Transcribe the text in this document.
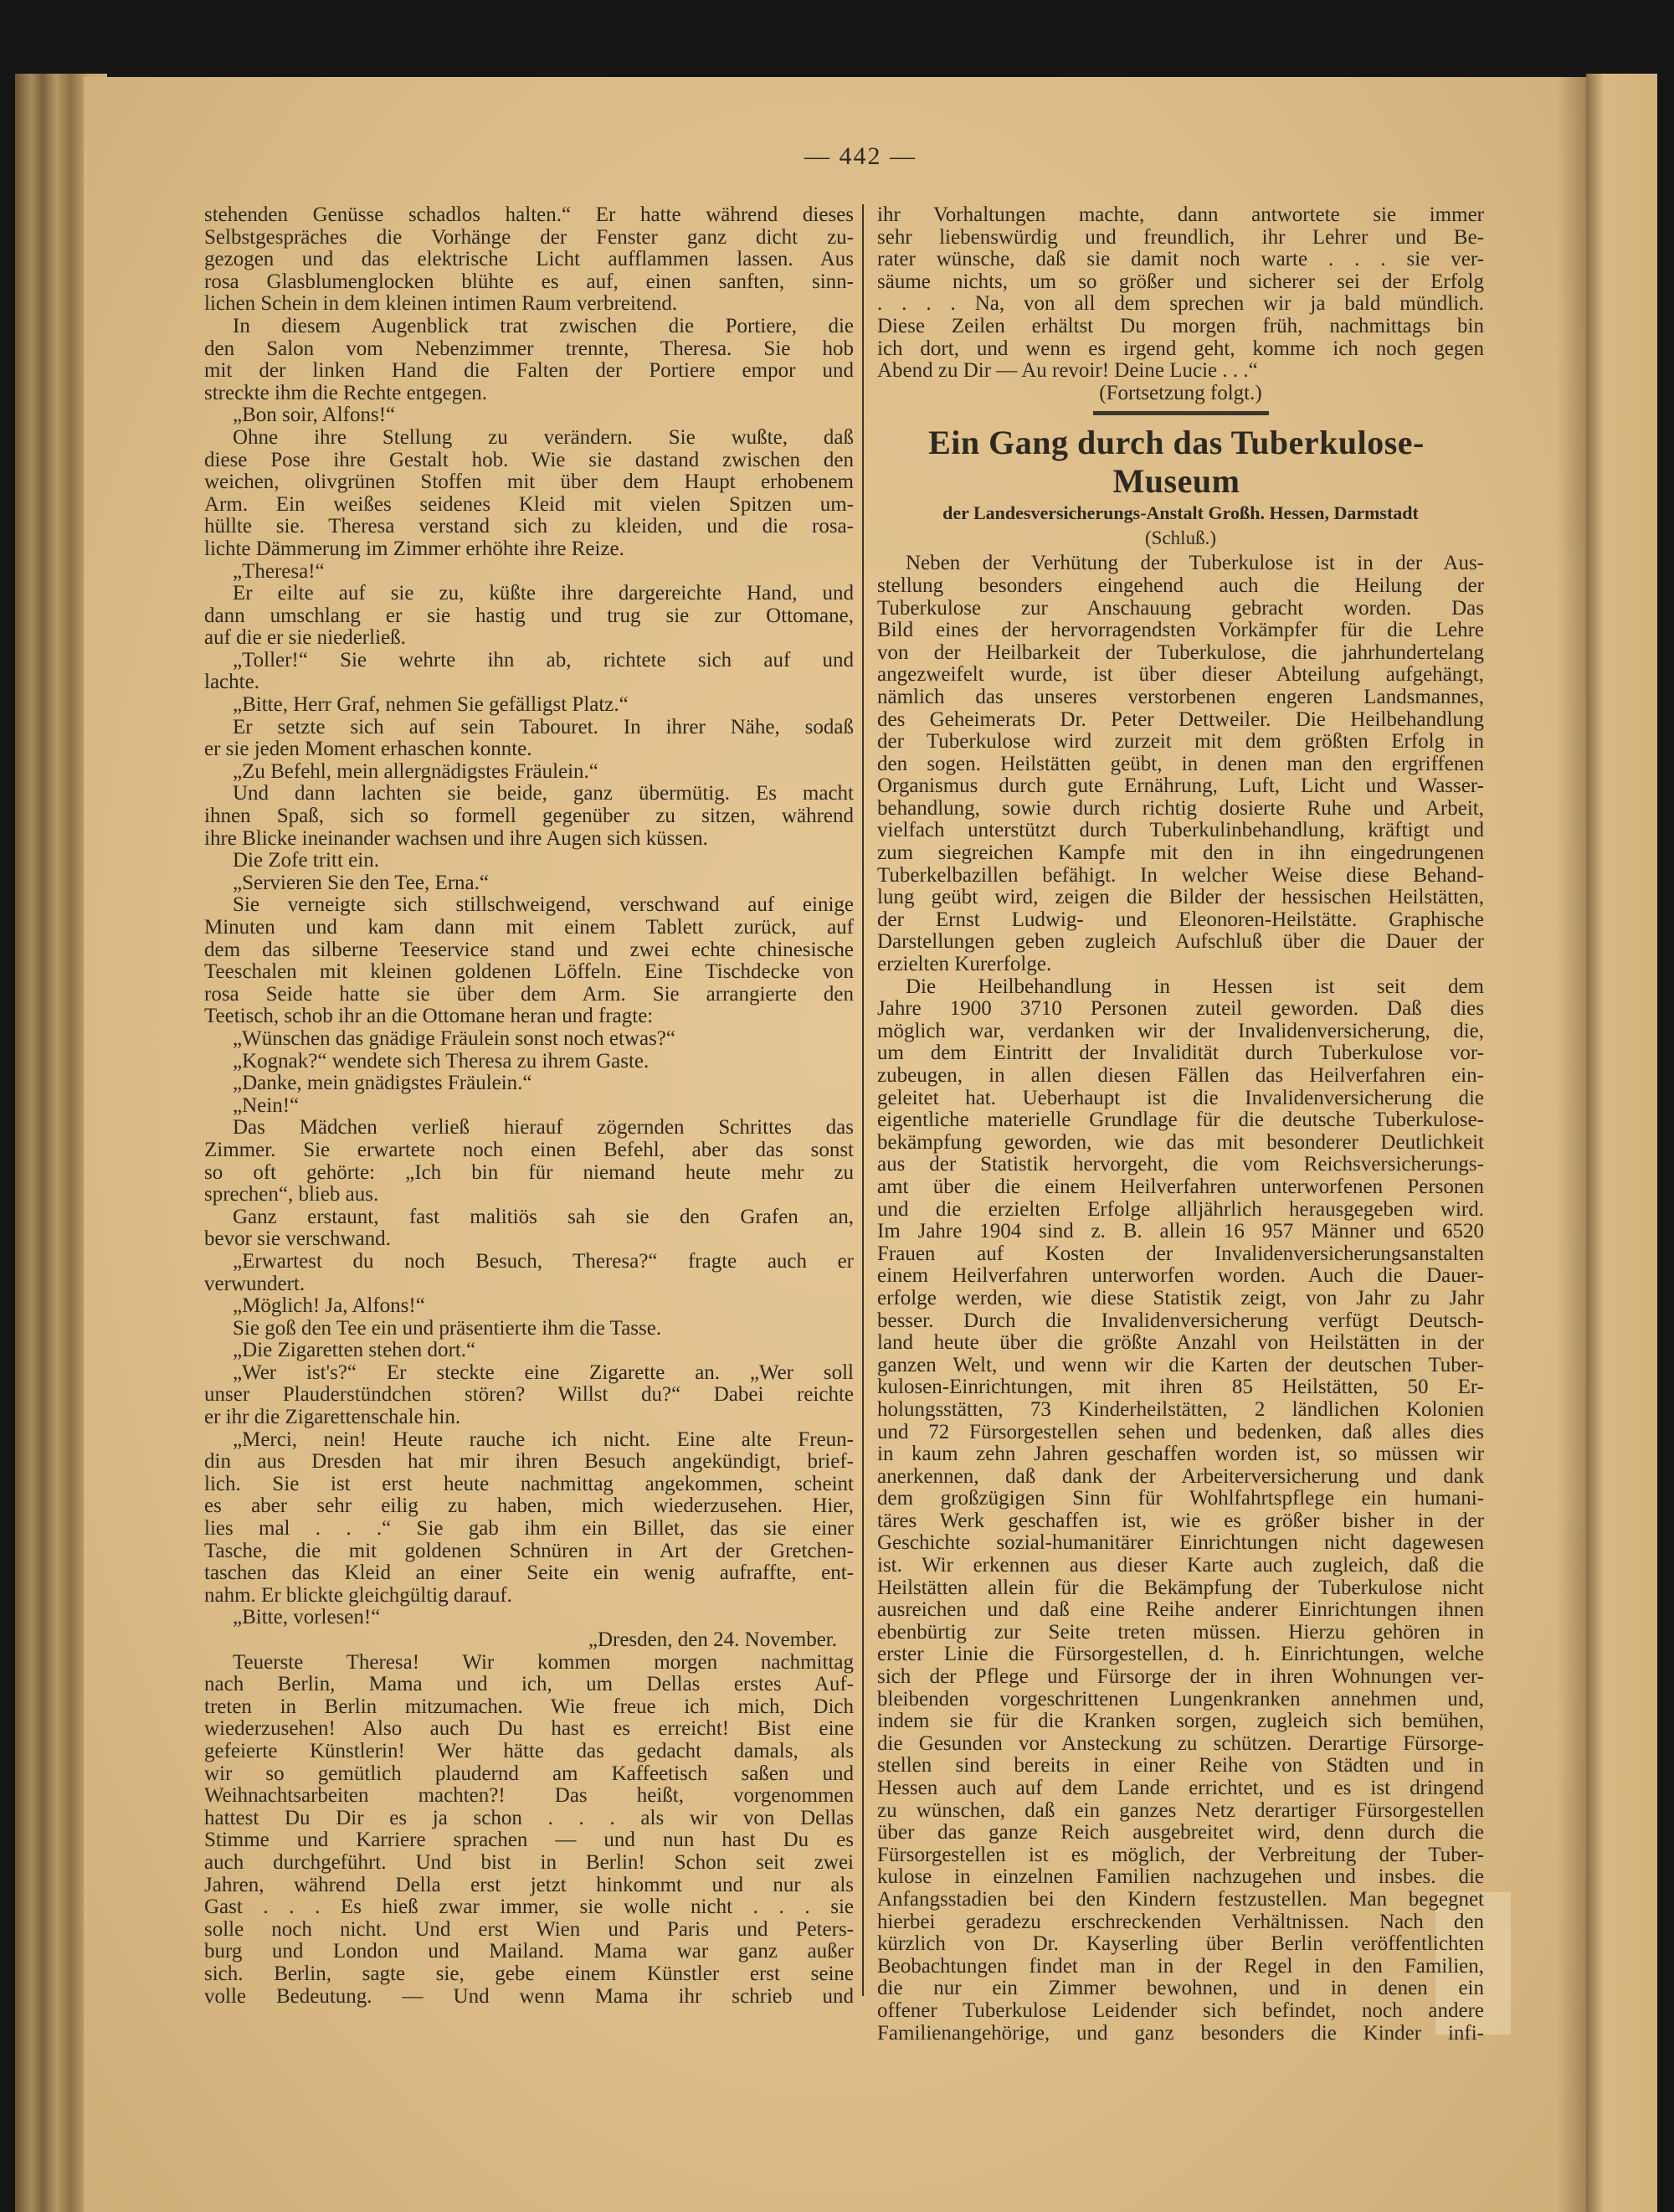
— 442 —
stehenden Genüsse schadlos halten.“ Er hatte während dieses
Selbstgespräches die Vorhänge der Fenster ganz dicht zu-
gezogen und das elektrische Licht aufflammen lassen. Aus
rosa Glasblumenglocken blühte es auf, einen sanften, sinn-
lichen Schein in dem kleinen intimen Raum verbreitend.
In diesem Augenblick trat zwischen die Portiere, die
den Salon vom Nebenzimmer trennte, Theresa. Sie hob
mit der linken Hand die Falten der Portiere empor und
streckte ihm die Rechte entgegen.
„Bon soir, Alfons!“
Ohne ihre Stellung zu verändern. Sie wußte, daß
diese Pose ihre Gestalt hob. Wie sie dastand zwischen den
weichen, olivgrünen Stoffen mit über dem Haupt erhobenem
Arm. Ein weißes seidenes Kleid mit vielen Spitzen um-
hüllte sie. Theresa verstand sich zu kleiden, und die rosa-
lichte Dämmerung im Zimmer erhöhte ihre Reize.
„Theresa!“
Er eilte auf sie zu, küßte ihre dargereichte Hand, und
dann umschlang er sie hastig und trug sie zur Ottomane,
auf die er sie niederließ.
„Toller!“ Sie wehrte ihn ab, richtete sich auf und
lachte.
„Bitte, Herr Graf, nehmen Sie gefälligst Platz.“
Er setzte sich auf sein Tabouret. In ihrer Nähe, sodaß
er sie jeden Moment erhaschen konnte.
„Zu Befehl, mein allergnädigstes Fräulein.“
Und dann lachten sie beide, ganz übermütig. Es macht
ihnen Spaß, sich so formell gegenüber zu sitzen, während
ihre Blicke ineinander wachsen und ihre Augen sich küssen.
Die Zofe tritt ein.
„Servieren Sie den Tee, Erna.“
Sie verneigte sich stillschweigend, verschwand auf einige
Minuten und kam dann mit einem Tablett zurück, auf
dem das silberne Teeservice stand und zwei echte chinesische
Teeschalen mit kleinen goldenen Löffeln. Eine Tischdecke von
rosa Seide hatte sie über dem Arm. Sie arrangierte den
Teetisch, schob ihr an die Ottomane heran und fragte:
„Wünschen das gnädige Fräulein sonst noch etwas?“
„Kognak?“ wendete sich Theresa zu ihrem Gaste.
„Danke, mein gnädigstes Fräulein.“
„Nein!“
Das Mädchen verließ hierauf zögernden Schrittes das
Zimmer. Sie erwartete noch einen Befehl, aber das sonst
so oft gehörte: „Ich bin für niemand heute mehr zu
sprechen“, blieb aus.
Ganz erstaunt, fast malitiös sah sie den Grafen an,
bevor sie verschwand.
„Erwartest du noch Besuch, Theresa?“ fragte auch er
verwundert.
„Möglich! Ja, Alfons!“
Sie goß den Tee ein und präsentierte ihm die Tasse.
„Die Zigaretten stehen dort.“
„Wer ist's?“ Er steckte eine Zigarette an. „Wer soll
unser Plauderstündchen stören? Willst du?“ Dabei reichte
er ihr die Zigarettenschale hin.
„Merci, nein! Heute rauche ich nicht. Eine alte Freun-
din aus Dresden hat mir ihren Besuch angekündigt, brief-
lich. Sie ist erst heute nachmittag angekommen, scheint
es aber sehr eilig zu haben, mich wiederzusehen. Hier,
lies mal . . .“ Sie gab ihm ein Billet, das sie einer
Tasche, die mit goldenen Schnüren in Art der Gretchen-
taschen das Kleid an einer Seite ein wenig aufraffte, ent-
nahm. Er blickte gleichgültig darauf.
„Bitte, vorlesen!“
„Dresden, den 24. November.
Teuerste Theresa! Wir kommen morgen nachmittag
nach Berlin, Mama und ich, um Dellas erstes Auf-
treten in Berlin mitzumachen. Wie freue ich mich, Dich
wiederzusehen! Also auch Du hast es erreicht! Bist eine
gefeierte Künstlerin! Wer hätte das gedacht damals, als
wir so gemütlich plaudernd am Kaffeetisch saßen und
Weihnachtsarbeiten machten?! Das heißt, vorgenommen
hattest Du Dir es ja schon . . . als wir von Dellas
Stimme und Karriere sprachen — und nun hast Du es
auch durchgeführt. Und bist in Berlin! Schon seit zwei
Jahren, während Della erst jetzt hinkommt und nur als
Gast . . . Es hieß zwar immer, sie wolle nicht . . . sie
solle noch nicht. Und erst Wien und Paris und Peters-
burg und London und Mailand. Mama war ganz außer
sich. Berlin, sagte sie, gebe einem Künstler erst seine
volle Bedeutung. — Und wenn Mama ihr schrieb und
ihr Vorhaltungen machte, dann antwortete sie immer
sehr liebenswürdig und freundlich, ihr Lehrer und Be-
rater wünsche, daß sie damit noch warte . . . sie ver-
säume nichts, um so größer und sicherer sei der Erfolg
. . . . Na, von all dem sprechen wir ja bald mündlich.
Diese Zeilen erhältst Du morgen früh, nachmittags bin
ich dort, und wenn es irgend geht, komme ich noch gegen
Abend zu Dir — Au revoir! Deine Lucie . . .“
(Fortsetzung folgt.)
Ein Gang durch das Tuberkulose-Museum
der Landesversicherungs-Anstalt Großh. Hessen, Darmstadt
(Schluß.)
Neben der Verhütung der Tuberkulose ist in der Aus-
stellung besonders eingehend auch die Heilung der
Tuberkulose zur Anschauung gebracht worden. Das
Bild eines der hervorragendsten Vorkämpfer für die Lehre
von der Heilbarkeit der Tuberkulose, die jahrhundertelang
angezweifelt wurde, ist über dieser Abteilung aufgehängt,
nämlich das unseres verstorbenen engeren Landsmannes,
des Geheimerats Dr. Peter Dettweiler. Die Heilbehandlung
der Tuberkulose wird zurzeit mit dem größten Erfolg in
den sogen. Heilstätten geübt, in denen man den ergriffenen
Organismus durch gute Ernährung, Luft, Licht und Wasser-
behandlung, sowie durch richtig dosierte Ruhe und Arbeit,
vielfach unterstützt durch Tuberkulinbehandlung, kräftigt und
zum siegreichen Kampfe mit den in ihn eingedrungenen
Tuberkelbazillen befähigt. In welcher Weise diese Behand-
lung geübt wird, zeigen die Bilder der hessischen Heilstätten,
der Ernst Ludwig- und Eleonoren-Heilstätte. Graphische
Darstellungen geben zugleich Aufschluß über die Dauer der
erzielten Kurerfolge.
Die Heilbehandlung in Hessen ist seit dem
Jahre 1900 3710 Personen zuteil geworden. Daß dies
möglich war, verdanken wir der Invalidenversicherung, die,
um dem Eintritt der Invalidität durch Tuberkulose vor-
zubeugen, in allen diesen Fällen das Heilverfahren ein-
geleitet hat. Ueberhaupt ist die Invalidenversicherung die
eigentliche materielle Grundlage für die deutsche Tuberkulose-
bekämpfung geworden, wie das mit besonderer Deutlichkeit
aus der Statistik hervorgeht, die vom Reichsversicherungs-
amt über die einem Heilverfahren unterworfenen Personen
und die erzielten Erfolge alljährlich herausgegeben wird.
Im Jahre 1904 sind z. B. allein 16 957 Männer und 6520
Frauen auf Kosten der Invalidenversicherungsanstalten
einem Heilverfahren unterworfen worden. Auch die Dauer-
erfolge werden, wie diese Statistik zeigt, von Jahr zu Jahr
besser. Durch die Invalidenversicherung verfügt Deutsch-
land heute über die größte Anzahl von Heilstätten in der
ganzen Welt, und wenn wir die Karten der deutschen Tuber-
kulosen-Einrichtungen, mit ihren 85 Heilstätten, 50 Er-
holungsstätten, 73 Kinderheilstätten, 2 ländlichen Kolonien
und 72 Fürsorgestellen sehen und bedenken, daß alles dies
in kaum zehn Jahren geschaffen worden ist, so müssen wir
anerkennen, daß dank der Arbeiterversicherung und dank
dem großzügigen Sinn für Wohlfahrtspflege ein humani-
täres Werk geschaffen ist, wie es größer bisher in der
Geschichte sozial-humanitärer Einrichtungen nicht dagewesen
ist. Wir erkennen aus dieser Karte auch zugleich, daß die
Heilstätten allein für die Bekämpfung der Tuberkulose nicht
ausreichen und daß eine Reihe anderer Einrichtungen ihnen
ebenbürtig zur Seite treten müssen. Hierzu gehören in
erster Linie die Fürsorgestellen, d. h. Einrichtungen, welche
sich der Pflege und Fürsorge der in ihren Wohnungen ver-
bleibenden vorgeschrittenen Lungenkranken annehmen und,
indem sie für die Kranken sorgen, zugleich sich bemühen,
die Gesunden vor Ansteckung zu schützen. Derartige Fürsorge-
stellen sind bereits in einer Reihe von Städten und in
Hessen auch auf dem Lande errichtet, und es ist dringend
zu wünschen, daß ein ganzes Netz derartiger Fürsorgestellen
über das ganze Reich ausgebreitet wird, denn durch die
Fürsorgestellen ist es möglich, der Verbreitung der Tuber-
kulose in einzelnen Familien nachzugehen und insbes. die
Anfangsstadien bei den Kindern festzustellen. Man begegnet
hierbei geradezu erschreckenden Verhältnissen. Nach den
kürzlich von Dr. Kayserling über Berlin veröffentlichten
Beobachtungen findet man in der Regel in den Familien,
die nur ein Zimmer bewohnen, und in denen ein
offener Tuberkulose Leidender sich befindet, noch andere
Familienangehörige, und ganz besonders die Kinder infi-
